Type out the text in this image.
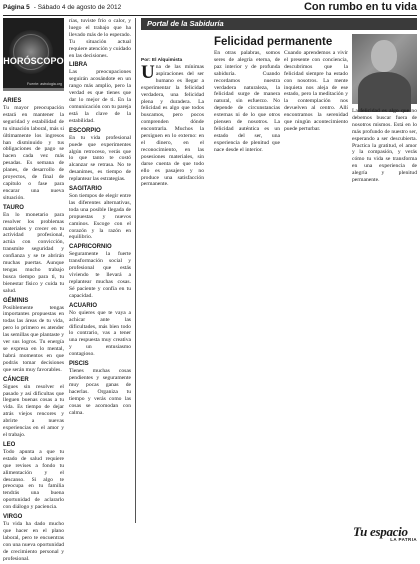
Página 5 - Sábado 4 de agosto de 2012	Con rumbo en tu vida
HORÓSCOPO
Fuente: astrologia.org
ARIES
Tu mayor preocupación estará en mantener la seguridad y estabilidad de tu situación laboral, más si últimamente los ingresos han disminuido y tus obligaciones de pago se hacen cada vez más pesadas. Es semana de planes, de desarrollo de proyectos, de final de capítulo o fase para encarar una nueva situación.
TAURO
En lo monetario para resolver los problemas materiales y crecer en tu actividad profesional, actúa con convicción, transmite seguridad y confianza y se te abrirán muchas puertas. Aunque tengas mucho trabajo busca tiempo para ti, tu bienestar físico y cuida tu salud.
GÉMINIS
Posiblemente tengas importantes propuestas en todas las áreas de tu vida, pero lo primero es atender las semillas que plantaste y ver sus logros. Tu energía se expresa en lo mental, habrá momentos en que podrás tomar decisiones que serán muy favorables.
CÁNCER
Sigues sin resolver el pasado y así dificultas que lleguen buenas cosas a tu vida. Es tiempo de dejar atrás viejos rencores y abrirte a nuevas experiencias en el amor y el trabajo.
LEO
Todo apunta a que tu estado de salud requiere que revises a fondo tu alimentación y el descanso. Si algo te preocupa en tu familia tendrás una buena oportunidad de aclararlo con diálogo y paciencia.
VIRGO
Tu vida ha dado mucho que hacer en el plano laboral, pero te encuentras con una nueva oportunidad de crecimiento personal y profesional.
rías, tuviste frío o calor, y luego el trabajo que ha llevado más de lo esperado. Tu situación actual requiere atención y cuidado en las decisiones.
LIBRA
Las preocupaciones seguirán acosándote en un rango más amplio, pero la verdad es que tienes que dar lo mejor de ti. En la comunicación con tu pareja está la clave de la estabilidad.
ESCORPIO
En tu vida profesional puede que experimentes algún retroceso, verás que lo que tanto te costó alcanzar se retrasa. No te desanimes, es tiempo de replantear las estrategias.
SAGITARIO
Son tiempos de elegir entre las diferentes alternativas, toda una posible llegada de propuestas y nuevos caminos. Escoge con el corazón y la razón en equilibrio.
CAPRICORNIO
Seguramente la fuerte transformación social y profesional que estás viviendo te llevará a replantear muchas cosas. Sé paciente y confía en tu capacidad.
ACUARIO
No quieres que te vaya a achicar ante las dificultades, más bien todo lo contrario, vas a tener una respuesta muy creativa y un entusiasmo contagioso.
PISCIS
Tienes muchas cosas pendientes y seguramente muy pocas ganas de hacerlas. Organiza tu tiempo y verás como las cosas se acomodan con calma.
Portal de la Sabiduría
Felicidad permanente
Por: El Alquimista
U na de las mínimas aspiraciones del ser humano es llegar a experimentar la felicidad verdadera, una felicidad plena y duradera. La felicidad es algo que todos buscamos, pero pocos comprenden dónde encontrarla. Muchos la persiguen en lo externo: en el dinero, en el reconocimiento, en las posesiones materiales, sin darse cuenta de que todo ello es pasajero y no produce una satisfacción permanente.
En otras palabras, somos seres de alegría eterna, de paz interior y de profunda sabiduría. Cuando recordamos nuestra verdadera naturaleza, la felicidad surge de manera natural, sin esfuerzo. No depende de circunstancias externas ni de lo que otros piensen de nosotros. La felicidad auténtica es un estado del ser, una experiencia de plenitud que nace desde el interior.
Cuando aprendemos a vivir el presente con conciencia, descubrimos que la felicidad siempre ha estado con nosotros. La mente inquieta nos aleja de ese estado, pero la meditación y la contemplación nos devuelven al centro. Allí encontramos la serenidad que ningún acontecimiento puede perturbar.
La felicidad es algo que no debemos buscar fuera de nosotros mismos. Está en lo más profundo de nuestro ser, esperando a ser descubierta. Practica la gratitud, el amor y la compasión, y verás cómo tu vida se transforma en una experiencia de alegría y plenitud permanente.
Tu espacio
LA PATRIA
